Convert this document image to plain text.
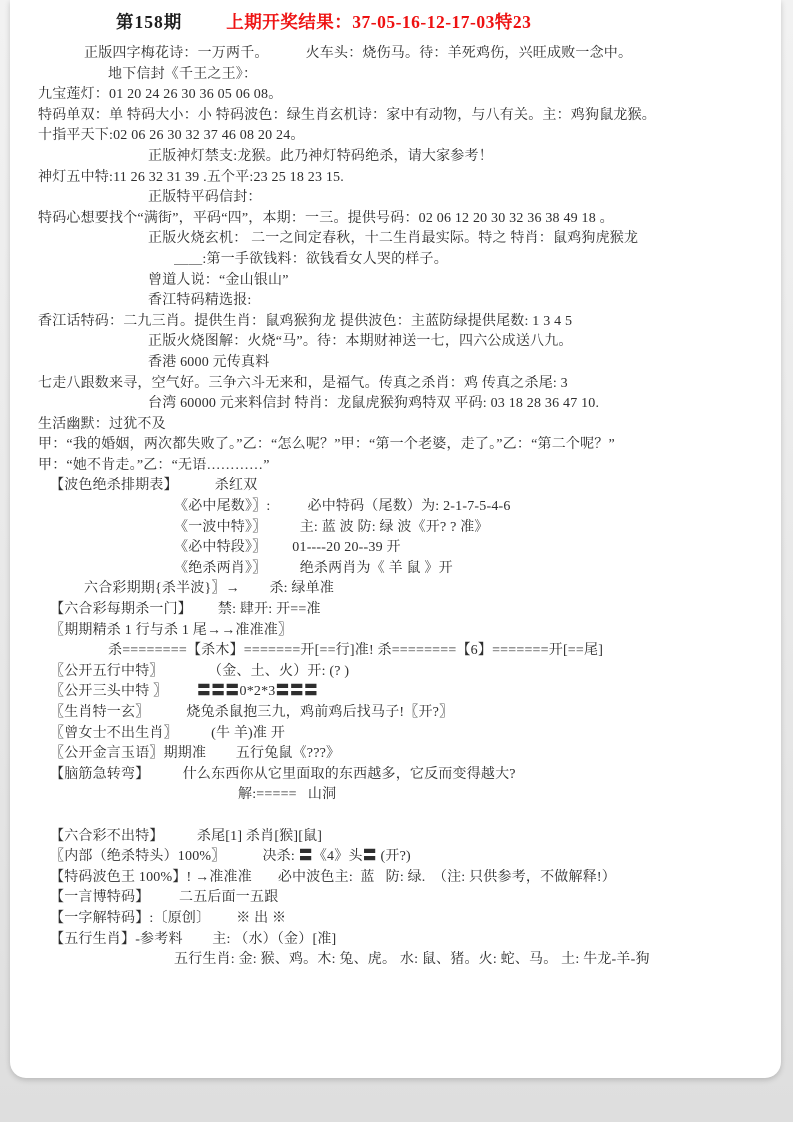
第158期	上期开奖结果：37-05-16-12-17-03特23
正版四字梅花诗：一万两千。          火车头：烧伤马。待：羊死鸡伤，兴旺成败一念中。
地下信封《千王之王》：
九宝莲灯：01 20 24 26 30 36 05 06 08。
特码单双：单 特码大小：小 特码波色：绿生肖玄机诗：家中有动物，与八有关。主：鸡狗鼠龙猴。
十指平天下:02 06 26 30 32 37 46 08 20 24。
正版神灯禁支:龙猴。此乃神灯特码绝杀，请大家参考！
神灯五中特:11 26 32 31 39 .五个平:23 25 18 23 15.
正版特平码信封：
特码心想要找个“满街”，平码“四”，本期：一三。提供号码：02 06 12 20 30 32 36 38 49 18 。
正版火烧玄机： 二一之间定春秋，十二生肖最实际。特之 特肖：鼠鸡狗虎猴龙
＿＿:第一手欲钱料：欲钱看女人哭的样子。
曾道人说：“金山银山”
香江特码精选报:
香江话特码：二九三肖。提供生肖：鼠鸡猴狗龙 提供波色：主蓝防绿提供尾数: 1 3 4 5
正版火烧图解：火烧“马”。待：本期财神送一七，四六公成送八九。
香港 6000 元传真料
七走八跟数来寻，空气好。三争六斗无来和，是福气。传真之杀肖：鸡 传真之杀尾: 3
台湾 60000 元来料信封 特肖：龙鼠虎猴狗鸡特双 平码: 03 18 28 36 47 10.
生活幽默：过犹不及
甲：“我的婚姻，两次都失败了。”乙：“怎么呢？”甲：“第一个老婆，走了。”乙：“第二个呢？”
甲：“她不肯走。”乙：“无语…………”
【波色绝杀排期表】          杀红双
《必中尾数》〗:          必中特码（尾数）为: 2-1-7-5-4-6
《一波中特》〗         主: 蓝 波 防: 绿 波《开? ? 准》
《必中特段》〗       01----20 20--39 开
《绝杀两肖》〗         绝杀两肖为《 羊 鼠 》开
六合彩期期{杀半波}〗→        杀: 绿单准
【六合彩每期杀一门】       禁: 肆开: 开==准
〖期期精杀 1 行与杀 1 尾→→准准准〗
杀========【杀木】=======开[==行]准! 杀========【6】=======开[==尾]
〖公开五行中特〗            （金、土、火）开: (? )
〖公开三头中特 〗        〓〓〓0*2*3〓〓〓
〖生肖特一玄〗          烧兔杀鼠抱三九，鸡前鸡后找马子!〖开?〗
〖曾女士不出生肖〗         (牛 羊)准 开
〖公开金言玉语〗期期准        五行兔鼠《???》
【脑筋急转弯】         什么东西你从它里面取的东西越多，它反而变得越大?
解:=====   山洞
【六合彩不出特】         杀尾[1] 杀肖[猴][鼠]
〖内部（绝杀特头）100%〗          决杀: 〓《4》头〓 (开?)
【特码波色王 100%】! →准准准       必中波色主:  蓝   防: 绿.  （注: 只供参考，不做解释!）
【一言博特码】        二五后面一五跟
【一字解特码】:〔原创〕       ※ 出 ※
【五行生肖】-参考料        主: （水）（金）[准]
五行生肖: 金: 猴、鸡。木: 兔、虎。 水: 鼠、猪。火: 蛇、马。 土: 牛龙-羊-狗
